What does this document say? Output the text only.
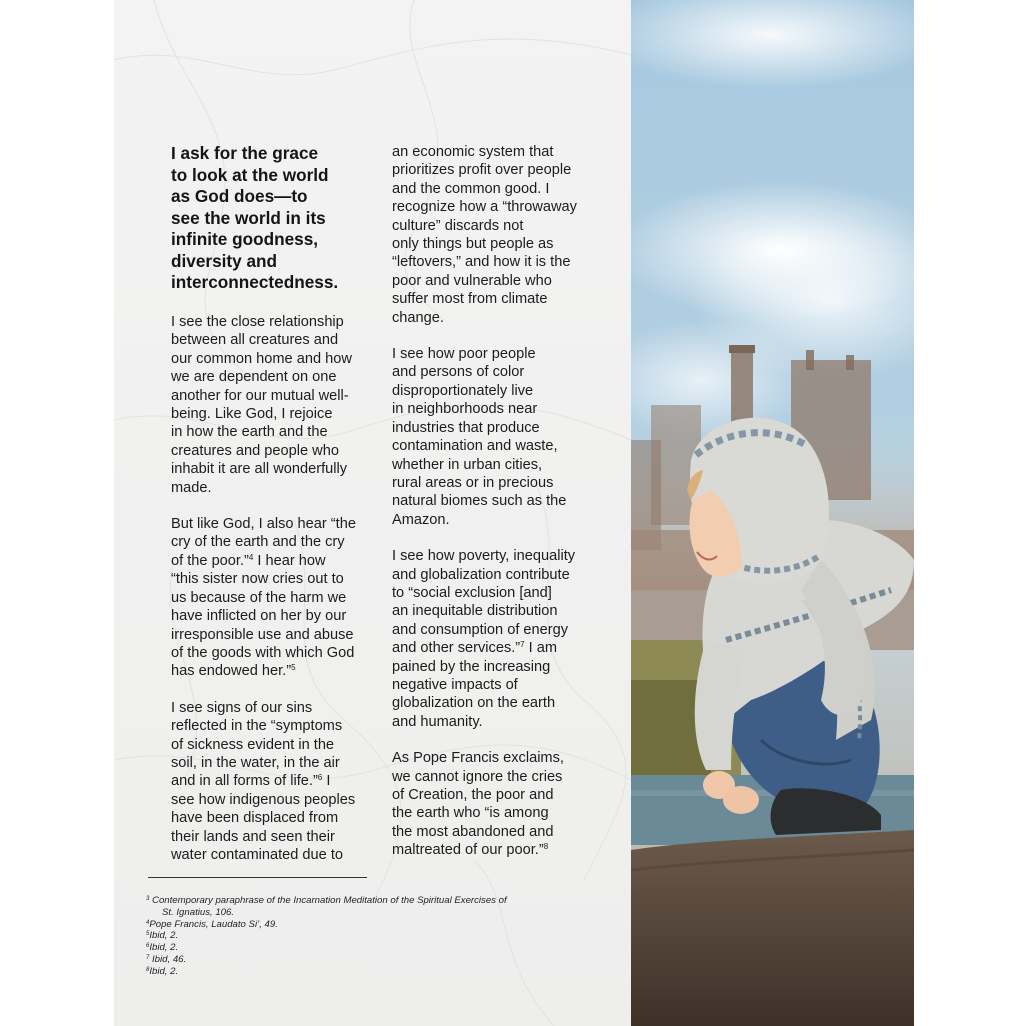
I ask for the grace
to look at the world
as God does—to
see the world in its
infinite goodness,
diversity and
interconnectedness.

I see the close relationship
between all creatures and
our common home and how
we are dependent on one
another for our mutual well-
being. Like God, I rejoice
in how the earth and the
creatures and people who
inhabit it are all wonderfully
made.

But like God, I also hear “the
cry of the earth and the cry
of the poor.”$^4$ I hear how
“this sister now cries out to
us because of the harm we
have inflicted on her by our
irresponsible use and abuse
of the goods with which God
has endowed her.”$^5$

I see signs of our sins
reflected in the “symptoms
of sickness evident in the
soil, in the water, in the air
and in all forms of life.”$^6$ I
see how indigenous peoples
have been displaced from
their lands and seen their
water contaminated due to

an economic system that
prioritizes profit over people
and the common good. I
recognize how a “throwaway
culture” discards not
only things but people as
“leftovers,” and how it is the
poor and vulnerable who
suffer most from climate
change.

I see how poor people
and persons of color
disproportionately live
in neighborhoods near
industries that produce
contamination and waste,
whether in urban cities,
rural areas or in precious
natural biomes such as the
Amazon.

I see how poverty, inequality
and globalization contribute
to “social exclusion [and]
an inequitable distribution
and consumption of energy
and other services.”$^7$ I am
pained by the increasing
negative impacts of
globalization on the earth
and humanity.

As Pope Francis exclaims,
we cannot ignore the cries
of Creation, the poor and
the earth who “is among
the most abandoned and
maltreated of our poor.”$^8$

$^3$ Contemporary paraphrase of the Incarnation Meditation of the Spiritual Exercises of
St. Ignatius, 106.
$^4$Pope Francis, Laudato Si’, 49.
$^5$Ibid, 2.
$^6$Ibid, 2.
$^7$ Ibid, 46.
$^8$Ibid, 2.
